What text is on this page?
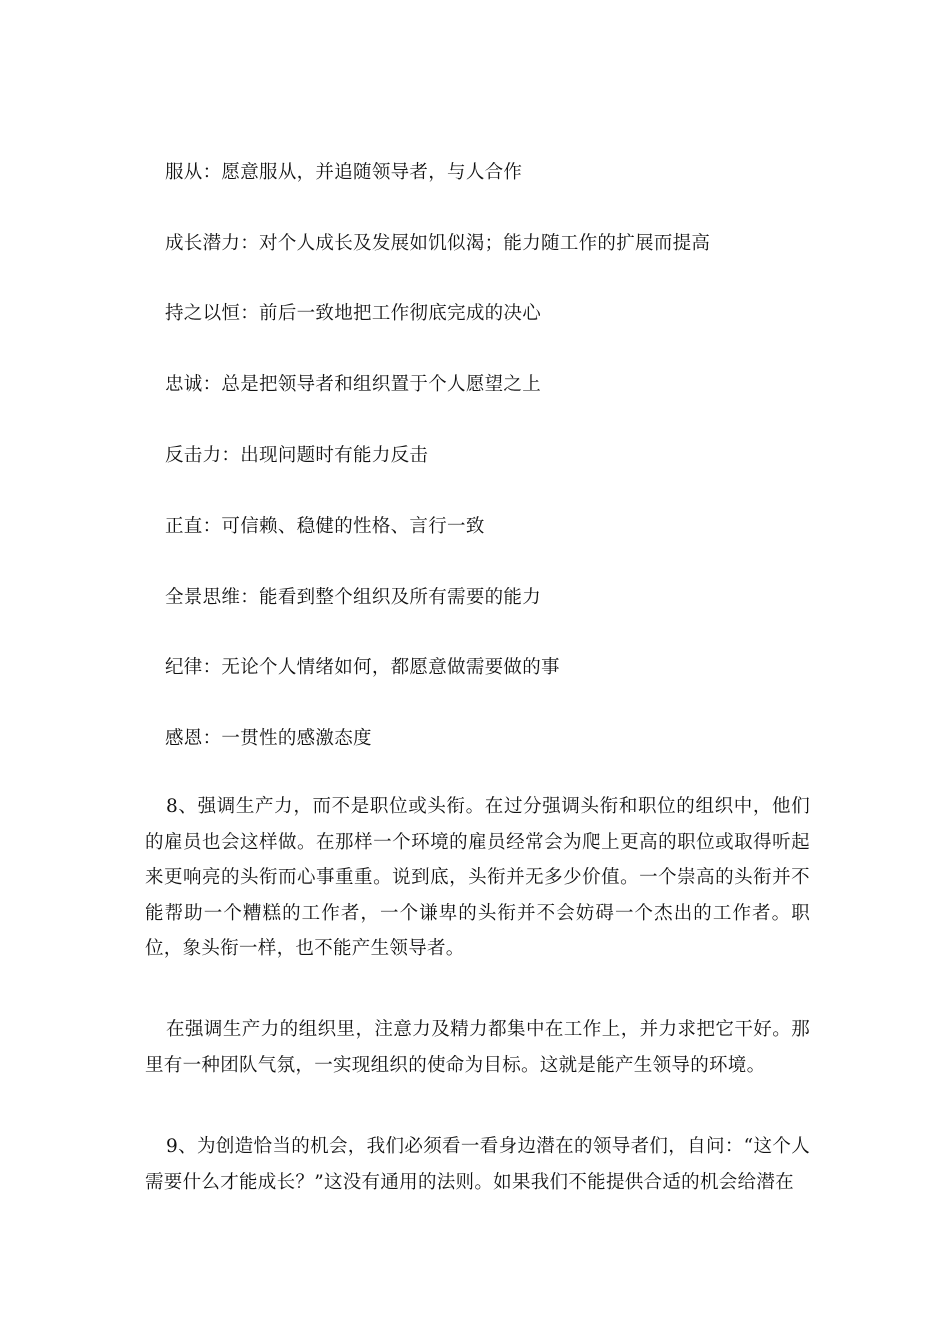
服从：愿意服从，并追随领导者，与人合作
成长潜力：对个人成长及发展如饥似渴；能力随工作的扩展而提高
持之以恒：前后一致地把工作彻底完成的决心
忠诚：总是把领导者和组织置于个人愿望之上
反击力：出现问题时有能力反击
正直：可信赖、稳健的性格、言行一致
全景思维：能看到整个组织及所有需要的能力
纪律：无论个人情绪如何，都愿意做需要做的事
感恩：一贯性的感激态度

8、强调生产力，而不是职位或头衔。在过分强调头衔和职位的组织中，他们的雇员也会这样做。在那样一个环境的雇员经常会为爬上更高的职位或取得听起来更响亮的头衔而心事重重。说到底，头衔并无多少价值。一个崇高的头衔并不能帮助一个糟糕的工作者，一个谦卑的头衔并不会妨碍一个杰出的工作者。职位，象头衔一样，也不能产生领导者。

在强调生产力的组织里，注意力及精力都集中在工作上，并力求把它干好。那里有一种团队气氛，一实现组织的使命为目标。这就是能产生领导的环境。

9、为创造恰当的机会，我们必须看一看身边潜在的领导者们，自问：“这个人需要什么才能成长？”这没有通用的法则。如果我们不能提供合适的机会给潜在
